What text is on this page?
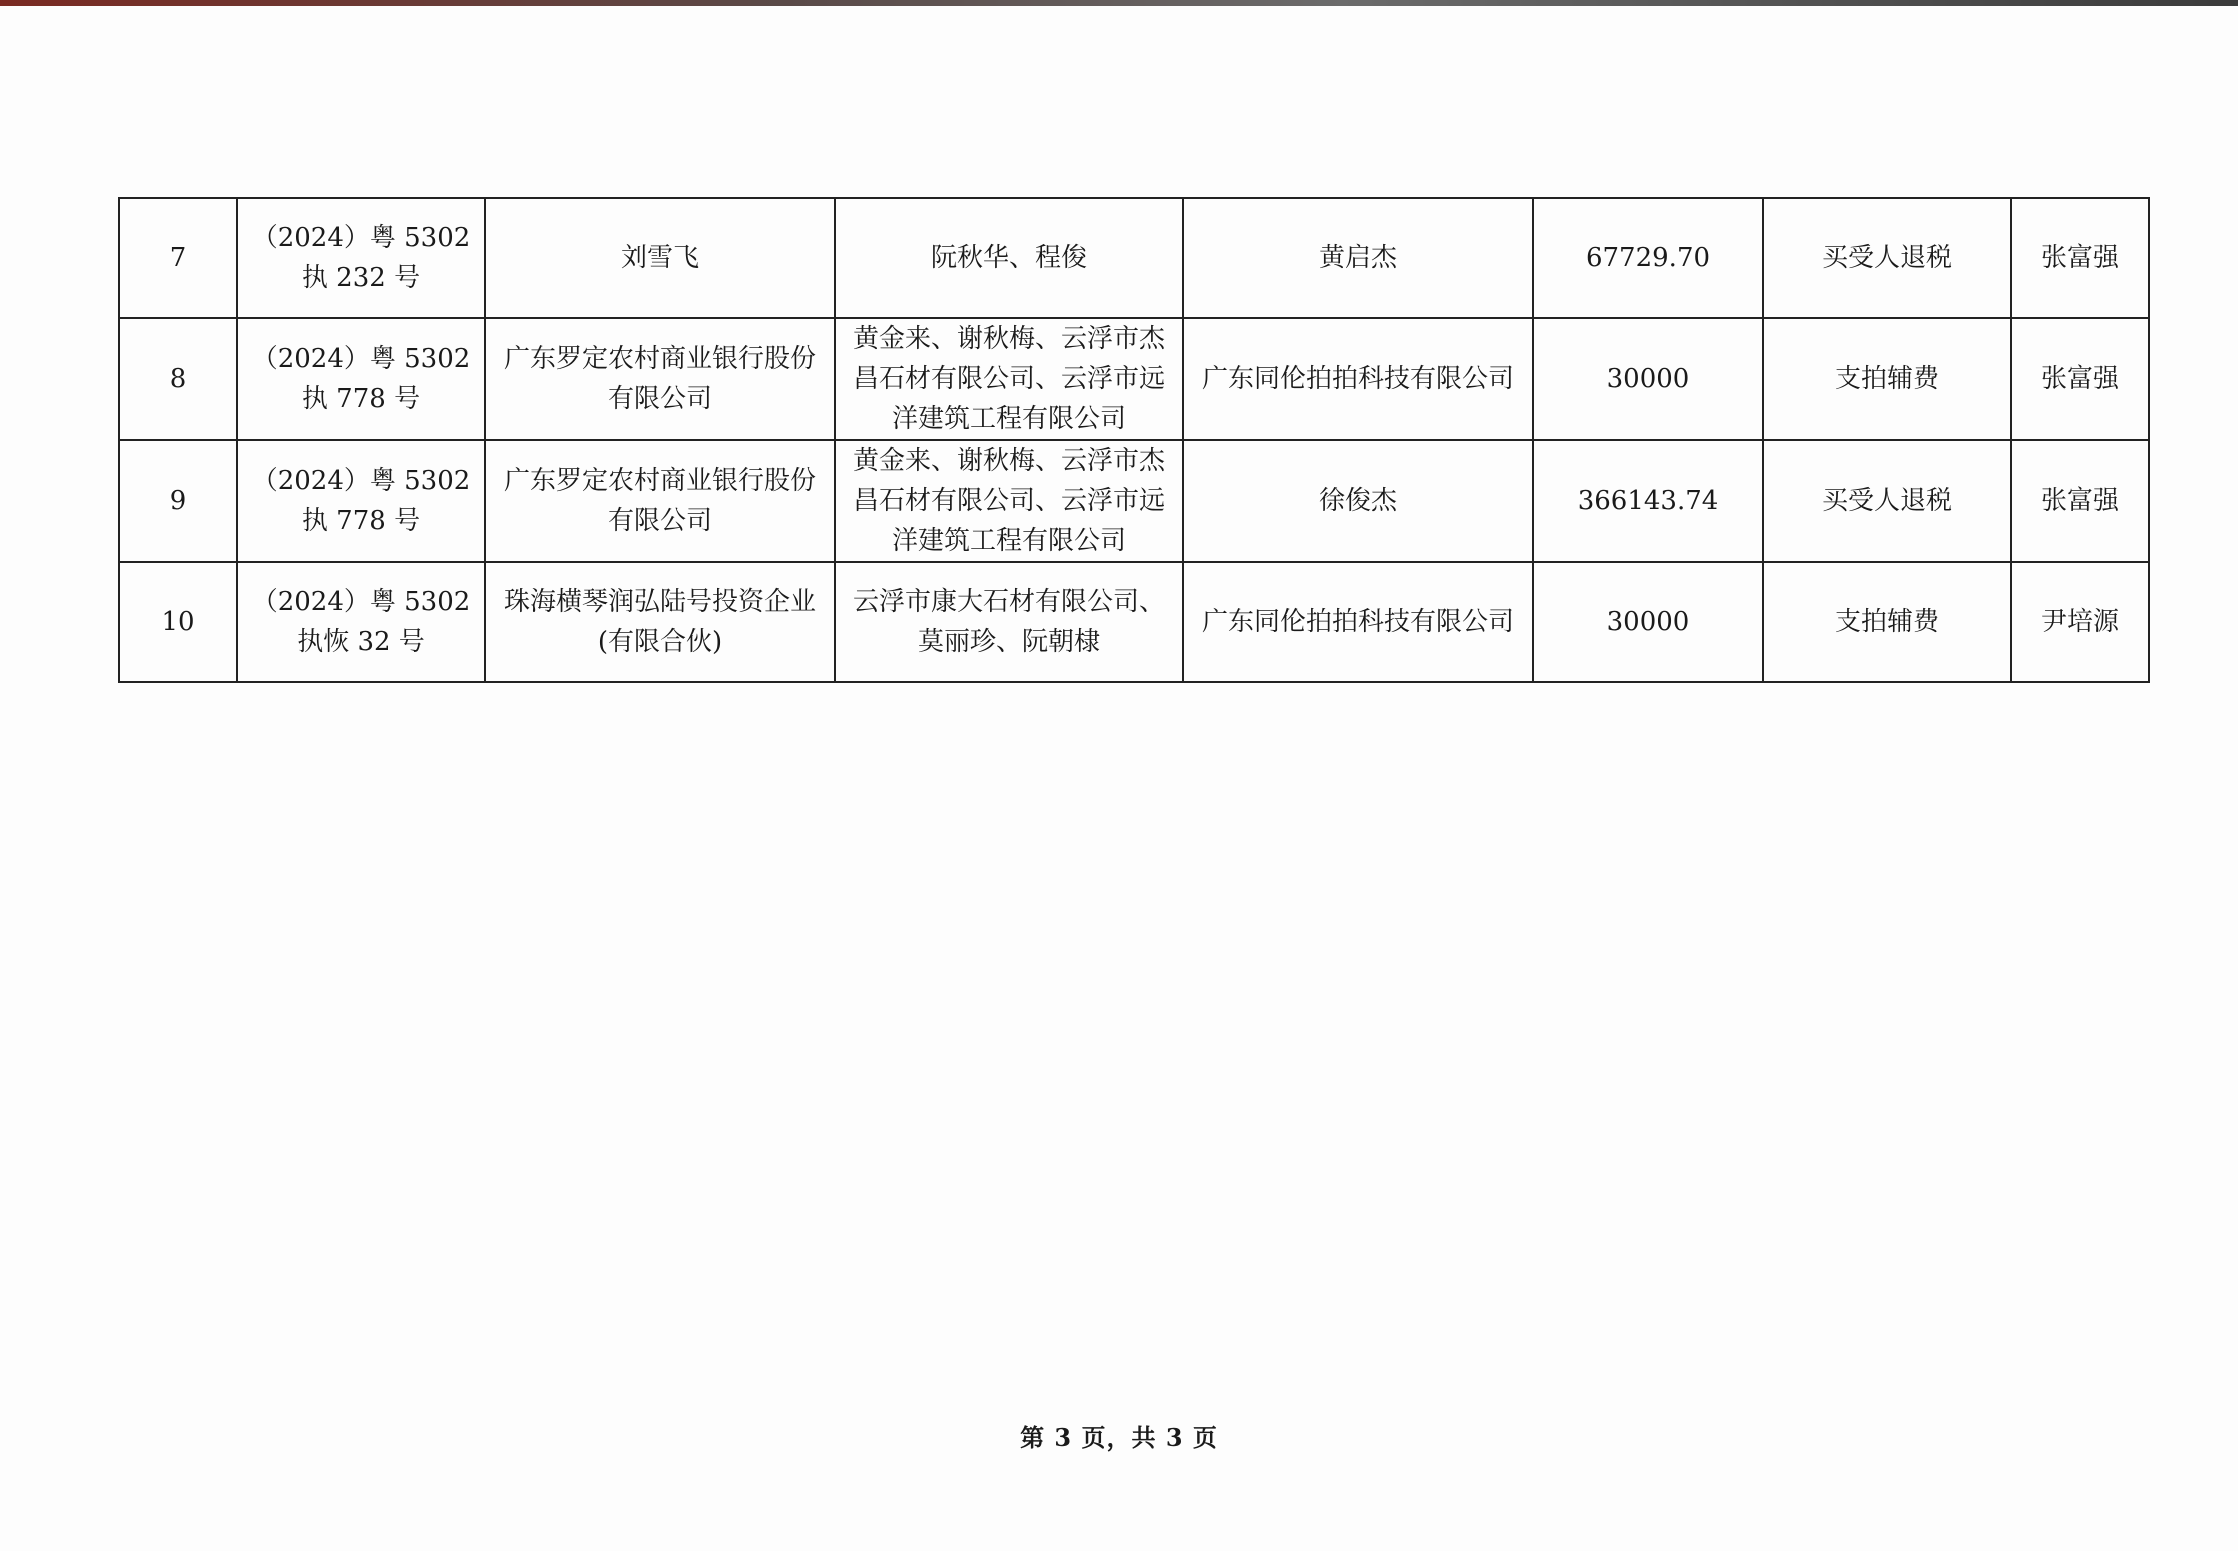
7	（2024）粤 5302 执 232 号	刘雪飞	阮秋华、程俊	黄启杰	67729.70	买受人退税	张富强
8	（2024）粤 5302 执 778 号	广东罗定农村商业银行股份有限公司	黄金来、谢秋梅、云浮市杰昌石材有限公司、云浮市远洋建筑工程有限公司	广东同伦拍拍科技有限公司	30000	支拍辅费	张富强
9	（2024）粤 5302 执 778 号	广东罗定农村商业银行股份有限公司	黄金来、谢秋梅、云浮市杰昌石材有限公司、云浮市远洋建筑工程有限公司	徐俊杰	366143.74	买受人退税	张富强
10	（2024）粤 5302 执恢 32 号	珠海横琴润弘陆号投资企业(有限合伙)	云浮市康大石材有限公司、莫丽珍、阮朝棣	广东同伦拍拍科技有限公司	30000	支拍辅费	尹培源
第 3 页，共 3 页
